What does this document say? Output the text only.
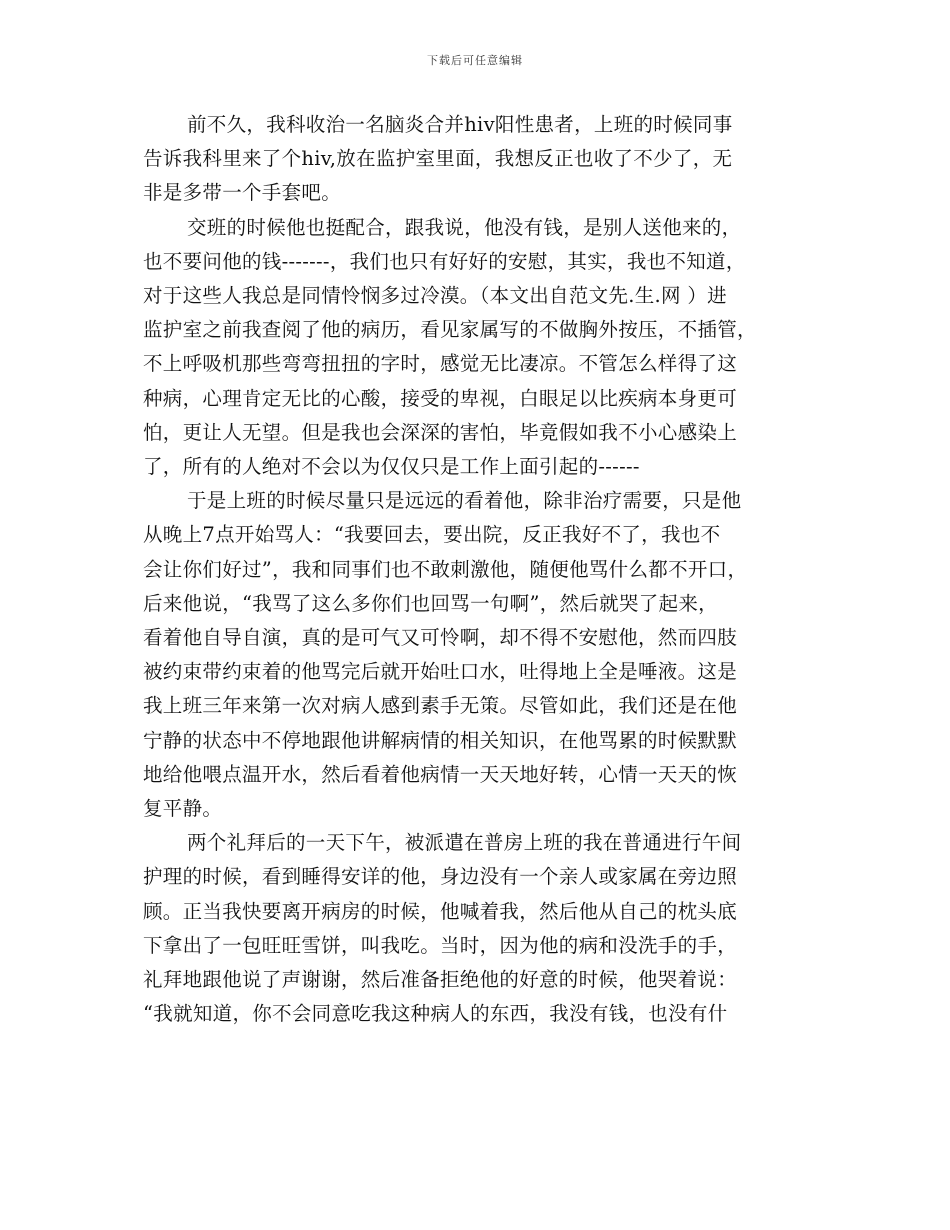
下载后可任意编辑

前不久，我科收治一名脑炎合并hiv阳性患者，上班的时候同事

告诉我科里来了个hiv,放在监护室里面，我想反正也收了不少了，无

非是多带一个手套吧。

交班的时候他也挺配合，跟我说，他没有钱，是别人送他来的，

也不要问他的钱-------，我们也只有好好的安慰，其实，我也不知道，

对于这些人我总是同情怜悯多过冷漠。（本文出自范文先.生.网 ）进

监护室之前我查阅了他的病历，看见家属写的不做胸外按压，不插管，

不上呼吸机那些弯弯扭扭的字时，感觉无比凄凉。不管怎么样得了这

种病，心理肯定无比的心酸，接受的卑视，白眼足以比疾病本身更可

怕，更让人无望。但是我也会深深的害怕，毕竟假如我不小心感染上

了，所有的人绝对不会以为仅仅只是工作上面引起的------

于是上班的时候尽量只是远远的看着他，除非治疗需要，只是他

从晚上7点开始骂人：“我要回去，要出院，反正我好不了，我也不

会让你们好过”，我和同事们也不敢刺激他，随便他骂什么都不开口，

后来他说，“我骂了这么多你们也回骂一句啊”，然后就哭了起来，

看着他自导自演，真的是可气又可怜啊，却不得不安慰他，然而四肢

被约束带约束着的他骂完后就开始吐口水，吐得地上全是唾液。这是

我上班三年来第一次对病人感到素手无策。尽管如此，我们还是在他

宁静的状态中不停地跟他讲解病情的相关知识，在他骂累的时候默默

地给他喂点温开水，然后看着他病情一天天地好转，心情一天天的恢

复平静。

两个礼拜后的一天下午，被派遣在普房上班的我在普通进行午间

护理的时候，看到睡得安详的他，身边没有一个亲人或家属在旁边照

顾。正当我快要离开病房的时候，他喊着我，然后他从自己的枕头底

下拿出了一包旺旺雪饼，叫我吃。当时，因为他的病和没洗手的手，

礼拜地跟他说了声谢谢，然后准备拒绝他的好意的时候，他哭着说：

“我就知道，你不会同意吃我这种病人的东西，我没有钱，也没有什
